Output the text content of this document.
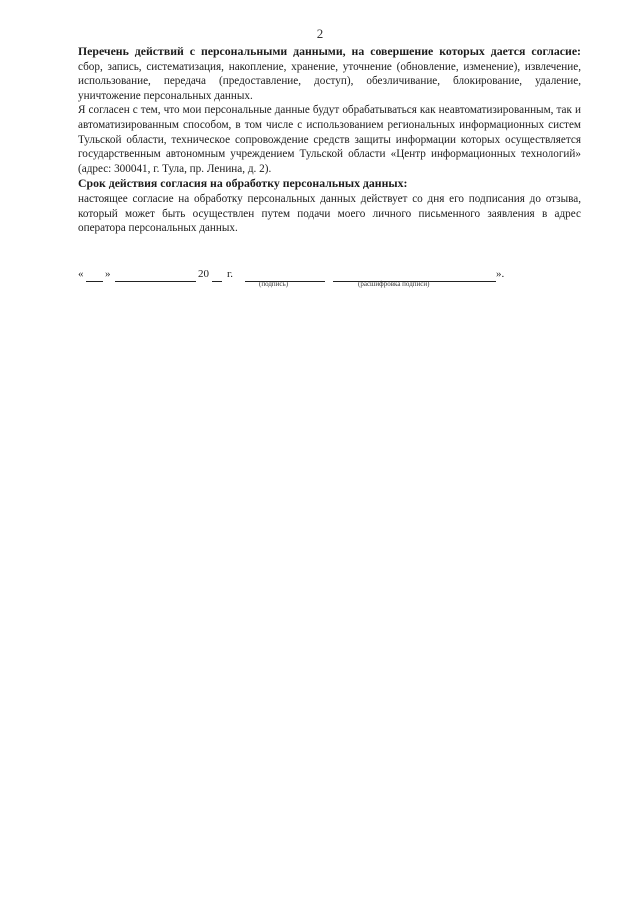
2

Перечень действий с персональными данными, на совершение которых дается согласие: сбор, запись, систематизация, накопление, хранение, уточнение (обновление, изменение), извлечение, использование, передача (предоставление, доступ), обезличивание, блокирование, удаление, уничтожение персональных данных.

Я согласен с тем, что мои персональные данные будут обрабатываться как неавтоматизированным, так и автоматизированным способом, в том числе с использованием региональных информационных систем Тульской области, техническое сопровождение средств защиты информации которых осуществляется государственным автономным учреждением Тульской области «Центр информационных технологий» (адрес: 300041, г. Тула, пр. Ленина, д. 2).

Срок действия согласия на обработку персональных данных:

настоящее согласие на обработку персональных данных действует со дня его подписания до отзыва, который может быть осуществлен путем подачи моего личного письменного заявления в адрес оператора персональных данных.

« »	20 г.
(подпись)	(расшифровка подписи)
».
